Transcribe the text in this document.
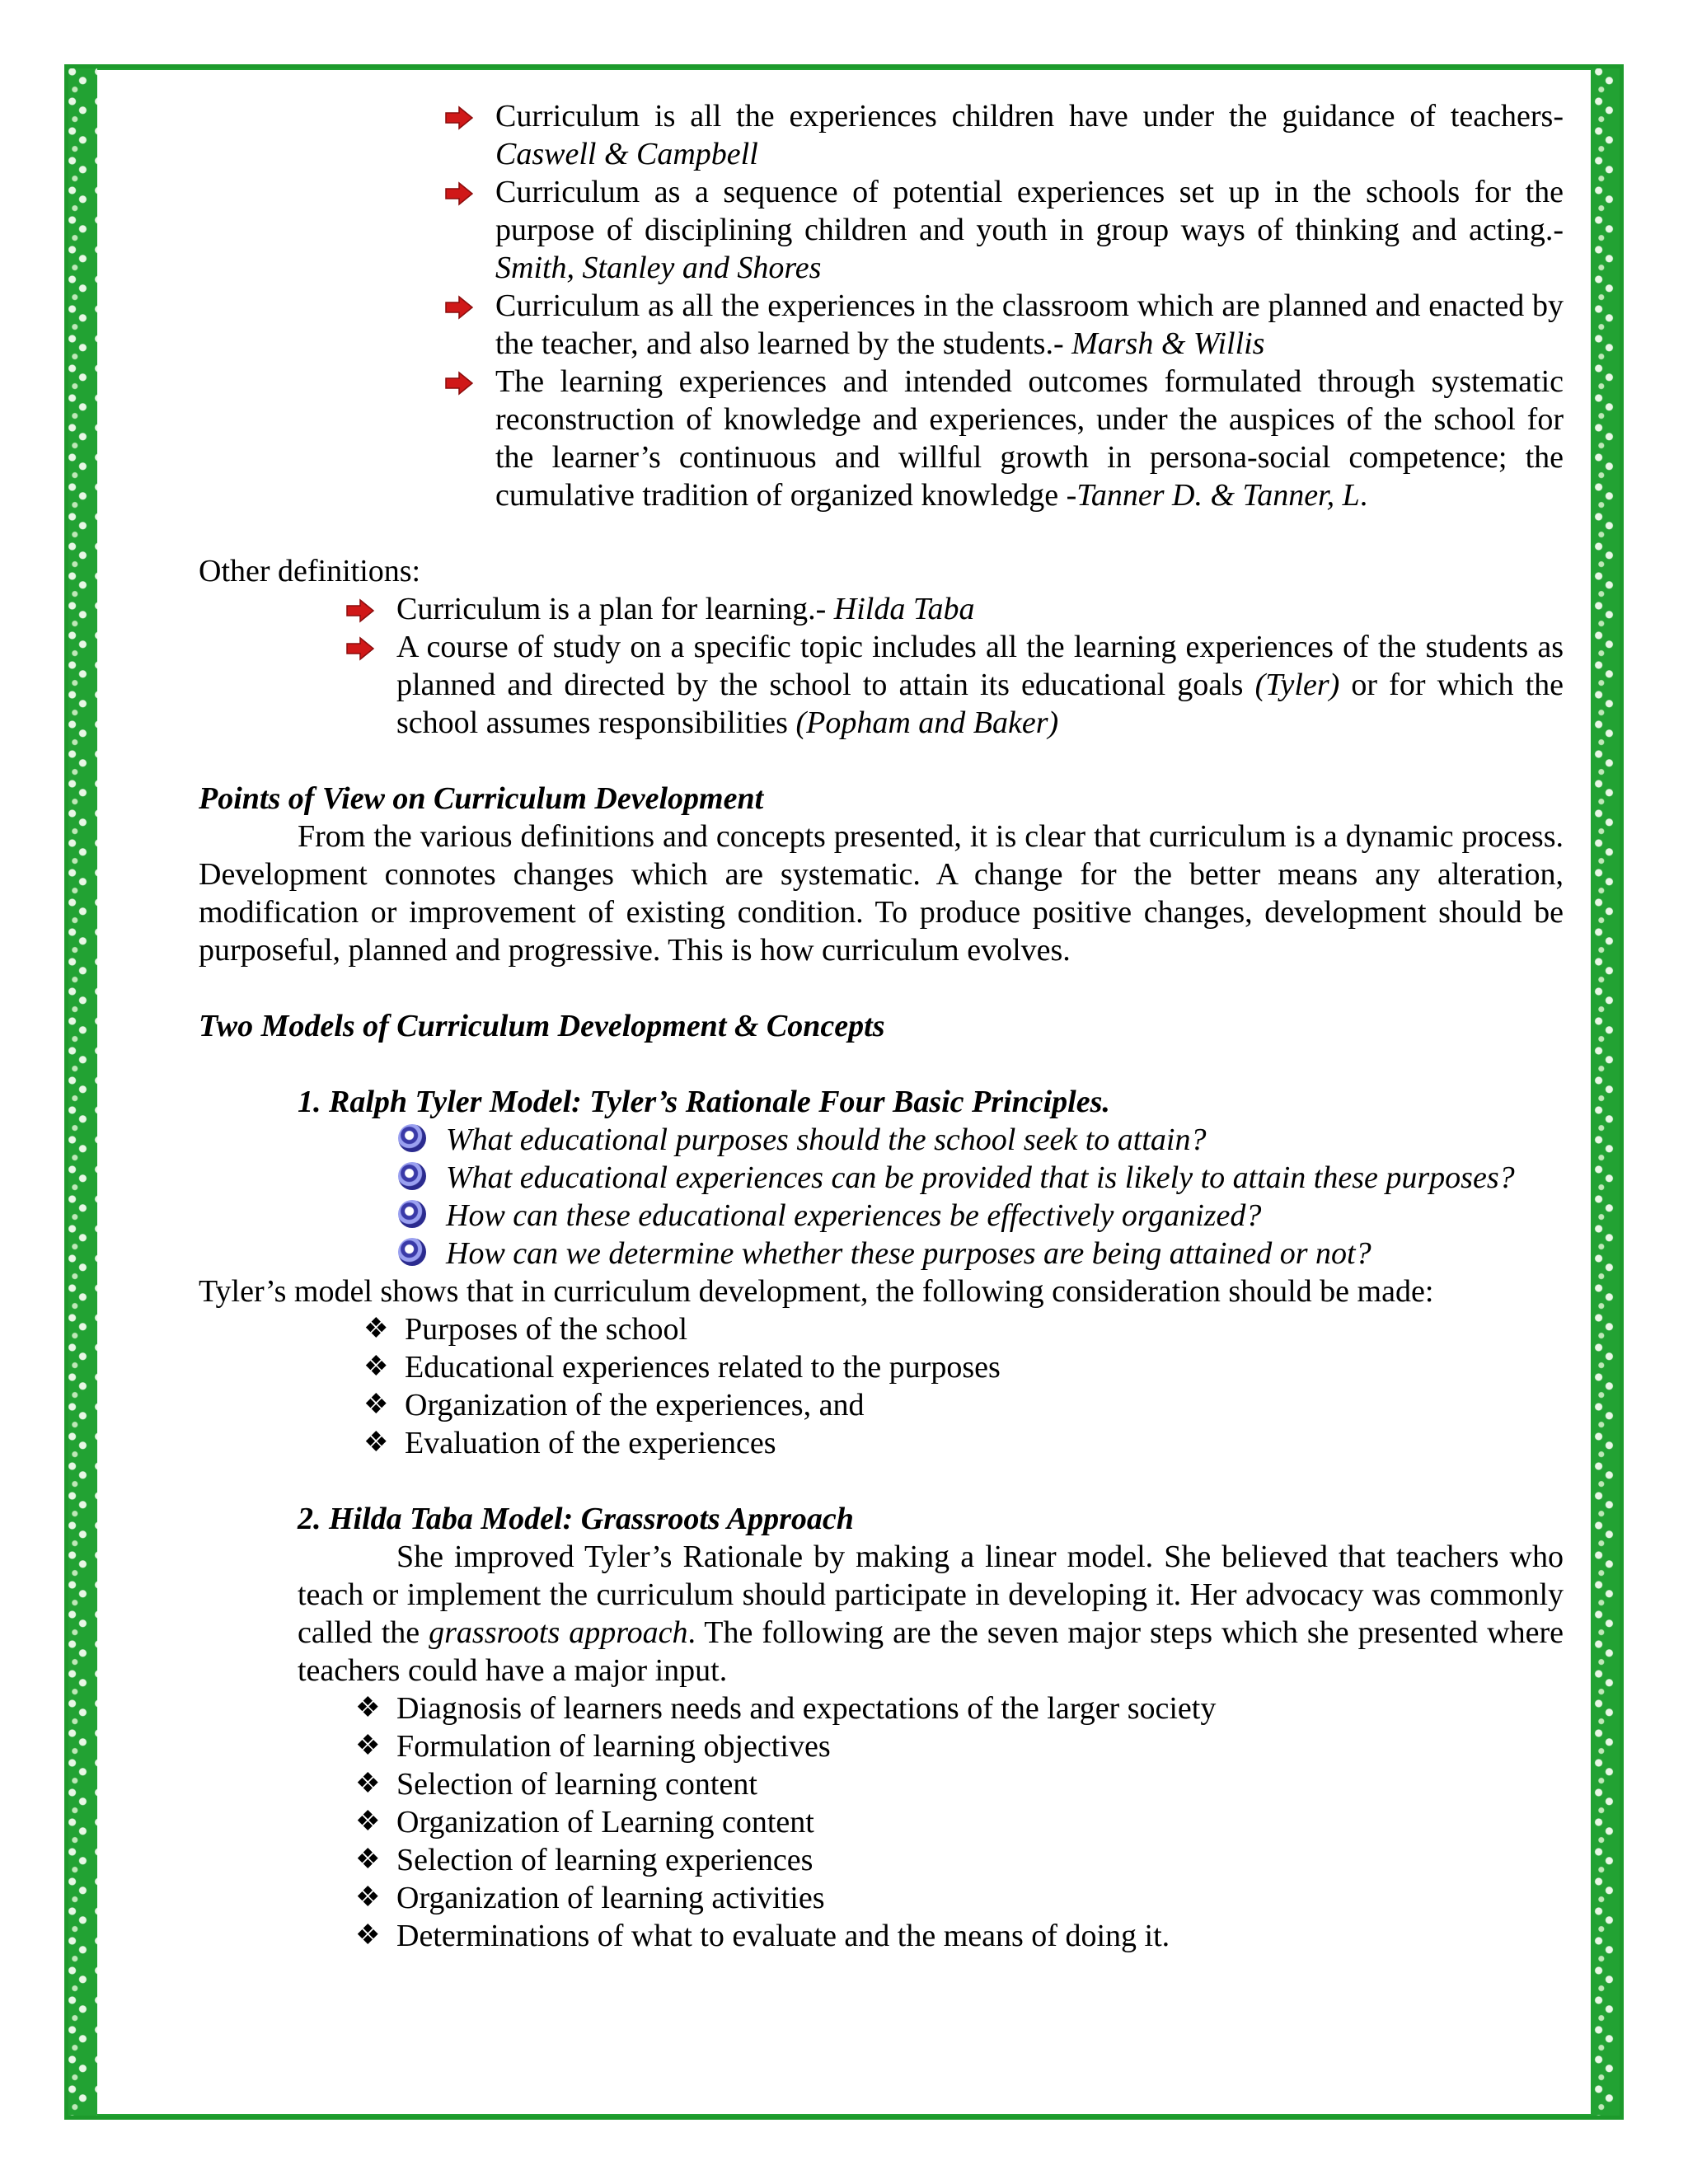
Curriculum is all the experiences children have under the guidance of teachers- Caswell & Campbell
Curriculum as a sequence of potential experiences set up in the schools for the purpose of disciplining children and youth in group ways of thinking and acting.- Smith, Stanley and Shores
Curriculum as all the experiences in the classroom which are planned and enacted by the teacher, and also learned by the students.- Marsh & Willis
The learning experiences and intended outcomes formulated through systematic reconstruction of knowledge and experiences, under the auspices of the school for the learner’s continuous and willful growth in persona-social competence; the cumulative tradition of organized knowledge -Tanner D. & Tanner, L.

Other definitions:

Curriculum is a plan for learning.- Hilda Taba
A course of study on a specific topic includes all the learning experiences of the students as planned and directed by the school to attain its educational goals (Tyler) or for which the school assumes responsibilities (Popham and Baker)

Points of View on Curriculum Development

From the various definitions and concepts presented, it is clear that curriculum is a dynamic process. Development connotes changes which are systematic. A change for the better means any alteration, modification or improvement of existing condition. To produce positive changes, development should be purposeful, planned and progressive. This is how curriculum evolves.

Two Models of Curriculum Development & Concepts

1. Ralph Tyler Model: Tyler’s Rationale Four Basic Principles.

What educational purposes should the school seek to attain?
What educational experiences can be provided that is likely to attain these purposes?
How can these educational experiences be effectively organized?
How can we determine whether these purposes are being attained or not?

Tyler’s model shows that in curriculum development, the following consideration should be made:

❖ Purposes of the school
❖ Educational experiences related to the purposes
❖ Organization of the experiences, and
❖ Evaluation of the experiences

2. Hilda Taba Model: Grassroots Approach

She improved Tyler’s Rationale by making a linear model. She believed that teachers who teach or implement the curriculum should participate in developing it. Her advocacy was commonly called the grassroots approach. The following are the seven major steps which she presented where teachers could have a major input.

❖ Diagnosis of learners needs and expectations of the larger society
❖ Formulation of learning objectives
❖ Selection of learning content
❖ Organization of Learning content
❖ Selection of learning experiences
❖ Organization of learning activities
❖ Determinations of what to evaluate and the means of doing it.
